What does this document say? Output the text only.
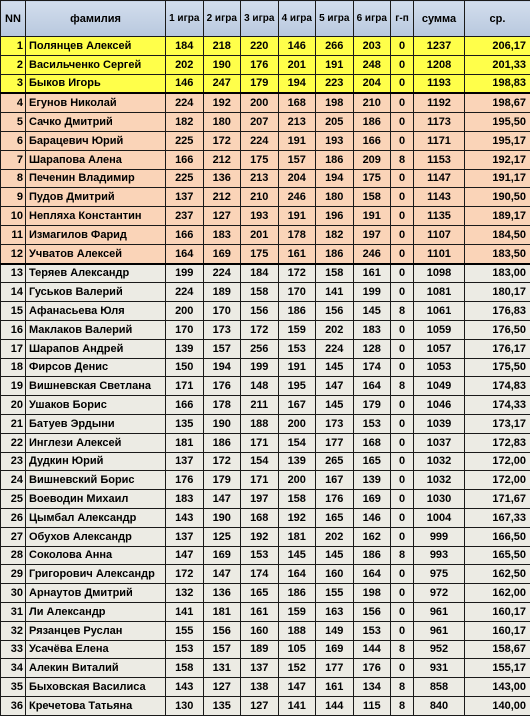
NN	фамилия	1 игра	2 игра	3 игра	4 игра	5 игра	6 игра	г-п	сумма	ср.
1	Полянцев Алексей	184	218	220	146	266	203	0	1237	206,17
2	Васильченко Сергей	202	190	176	201	191	248	0	1208	201,33
3	Быков Игорь	146	247	179	194	223	204	0	1193	198,83
4	Егунов Николай	224	192	200	168	198	210	0	1192	198,67
5	Сачко Дмитрий	182	180	207	213	205	186	0	1173	195,50
6	Барацевич Юрий	225	172	224	191	193	166	0	1171	195,17
7	Шарапова Алена	166	212	175	157	186	209	8	1153	192,17
8	Печенин Владимир	225	136	213	204	194	175	0	1147	191,17
9	Пудов Дмитрий	137	212	210	246	180	158	0	1143	190,50
10	Непляха Константин	237	127	193	191	196	191	0	1135	189,17
11	Измагилов Фарид	166	183	201	178	182	197	0	1107	184,50
12	Учватов Алексей	164	169	175	161	186	246	0	1101	183,50
13	Теряев Александр	199	224	184	172	158	161	0	1098	183,00
14	Гуськов Валерий	224	189	158	170	141	199	0	1081	180,17
15	Афанасьева Юля	200	170	156	186	156	145	8	1061	176,83
16	Маклаков Валерий	170	173	172	159	202	183	0	1059	176,50
17	Шарапов Андрей	139	157	256	153	224	128	0	1057	176,17
18	Фирсов Денис	150	194	199	191	145	174	0	1053	175,50
19	Вишневская Светлана	171	176	148	195	147	164	8	1049	174,83
20	Ушаков Борис	166	178	211	167	145	179	0	1046	174,33
21	Батуев Эрдыни	135	190	188	200	173	153	0	1039	173,17
22	Инглези Алексей	181	186	171	154	177	168	0	1037	172,83
23	Дудкин Юрий	137	172	154	139	265	165	0	1032	172,00
24	Вишневский Борис	176	179	171	200	167	139	0	1032	172,00
25	Воеводин Михаил	183	147	197	158	176	169	0	1030	171,67
26	Цымбал Александр	143	190	168	192	165	146	0	1004	167,33
27	Обухов Александр	137	125	192	181	202	162	0	999	166,50
28	Соколова Анна	147	169	153	145	145	186	8	993	165,50
29	Григорович Александр	172	147	174	164	160	164	0	975	162,50
30	Арнаутов Дмитрий	132	136	165	186	155	198	0	972	162,00
31	Ли Александр	141	181	161	159	163	156	0	961	160,17
32	Рязанцев Руслан	155	156	160	188	149	153	0	961	160,17
33	Усачёва Елена	153	157	189	105	169	144	8	952	158,67
34	Алекин Виталий	158	131	137	152	177	176	0	931	155,17
35	Быховская Василиса	143	127	138	147	161	134	8	858	143,00
36	Кречетова Татьяна	130	135	127	141	144	115	8	840	140,00
